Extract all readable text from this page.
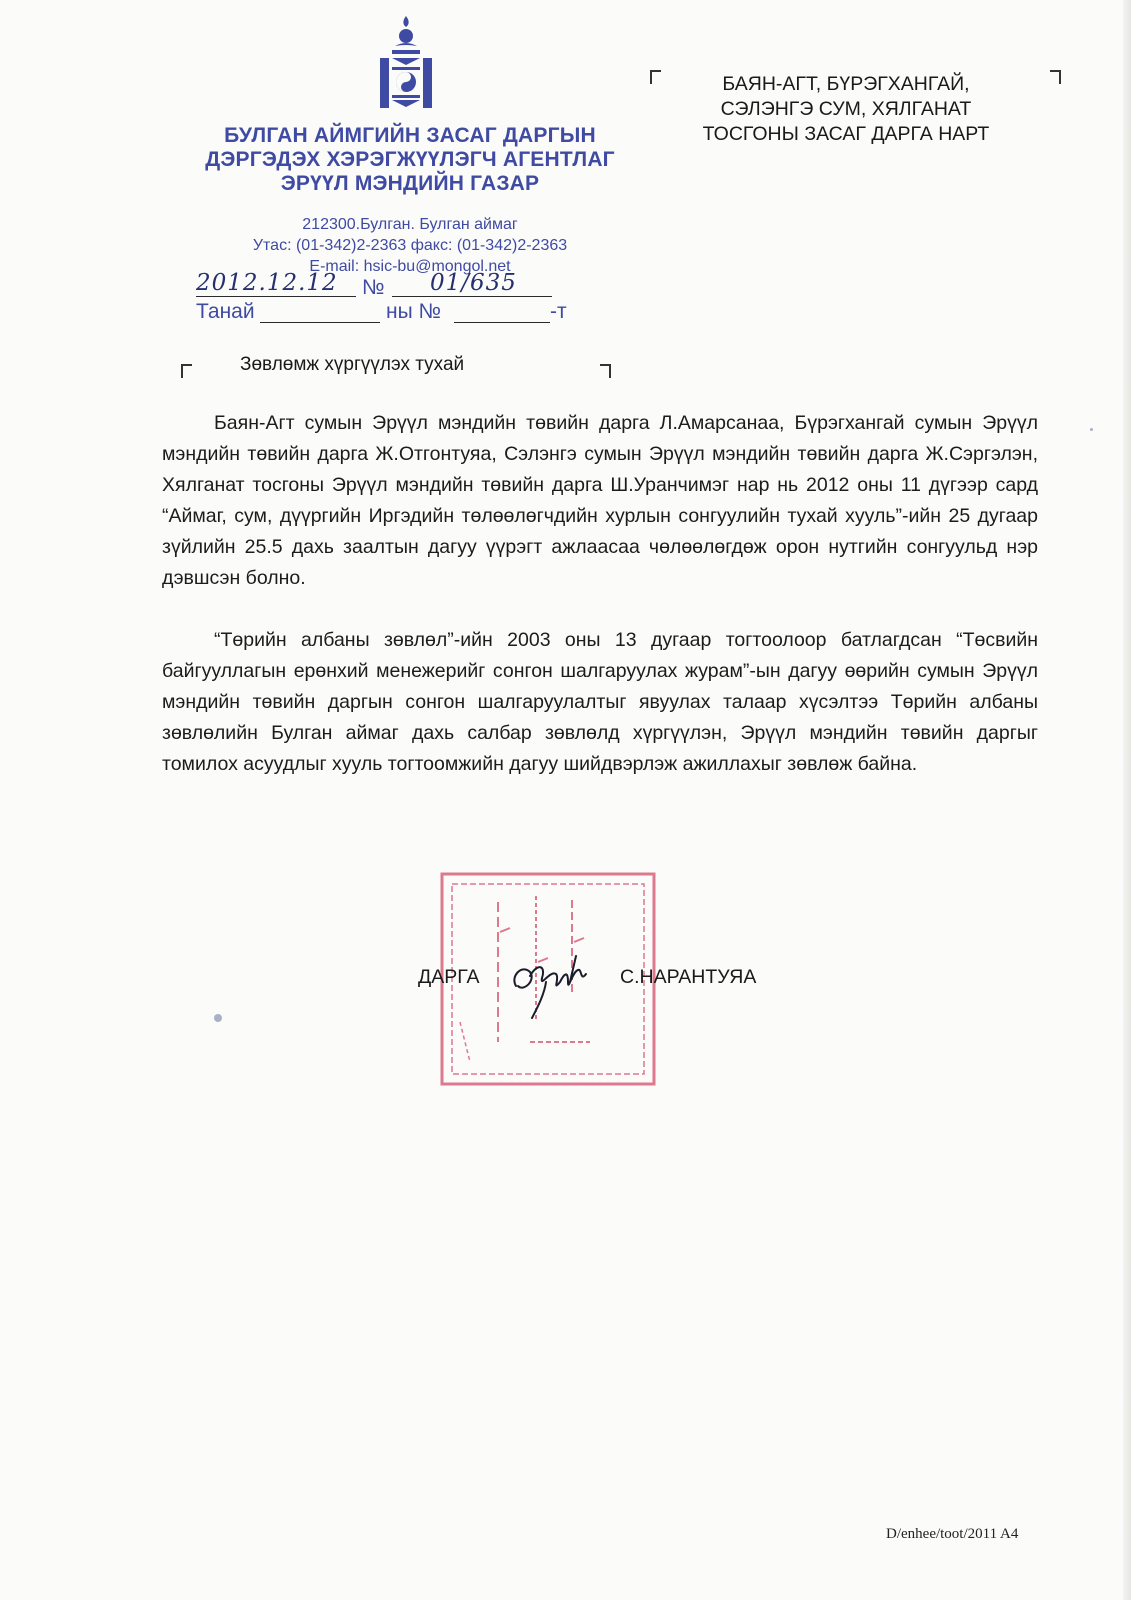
БУЛГАН АЙМГИЙН ЗАСАГ ДАРГЫН
ДЭРГЭДЭХ ХЭРЭГЖҮҮЛЭГЧ АГЕНТЛАГ
ЭРҮҮЛ МЭНДИЙН ГАЗАР
212300.Булган. Булган аймаг
Утас: (01-342)2-2363 факс: (01-342)2-2363
E-mail: hsic-bu@mongol.net
2012.12.12 № 01/635
Танай	ны №	-т
БАЯН-АГТ, БҮРЭГХАНГАЙ,
СЭЛЭНГЭ СУМ, ХЯЛГАНАТ
ТОСГОНЫ ЗАСАГ ДАРГА НАРТ
Зөвлөмж хүргүүлэх тухай

Баян-Агт сумын Эрүүл мэндийн төвийн дарга Л.Амарсанаа, Бүрэгхангай сумын Эрүүл мэндийн төвийн дарга Ж.Отгонтуяа, Сэлэнгэ сумын Эрүүл мэндийн төвийн дарга Ж.Сэргэлэн, Хялганат тосгоны Эрүүл мэндийн төвийн дарга Ш.Уранчимэг нар нь 2012 оны 11 дүгээр сард “Аймаг, сум, дүүргийн Иргэдийн төлөөлөгчдийн хурлын сонгуулийн тухай хууль”-ийн 25 дугаар зүйлийн 25.5 дахь заалтын дагуу үүрэгт ажлаасаа чөлөөлөгдөж орон нутгийн сонгуульд нэр дэвшсэн болно.

“Төрийн албаны зөвлөл”-ийн 2003 оны 13 дугаар тогтоолоор батлагдсан “Төсвийн байгууллагын ерөнхий менежерийг сонгон шалгаруулах журам”-ын дагуу өөрийн сумын Эрүүл мэндийн төвийн даргын сонгон шалгаруулалтыг явуулах талаар хүсэлтээ Төрийн албаны зөвлөлийн Булган аймаг дахь салбар зөвлөлд хүргүүлэн, Эрүүл мэндийн төвийн даргыг томилох асуудлыг хууль тогтоомжийн дагуу шийдвэрлэж ажиллахыг зөвлөж байна.

ДАРГА	С.НАРАНТУЯА
D/enhee/toot/2011 A4
